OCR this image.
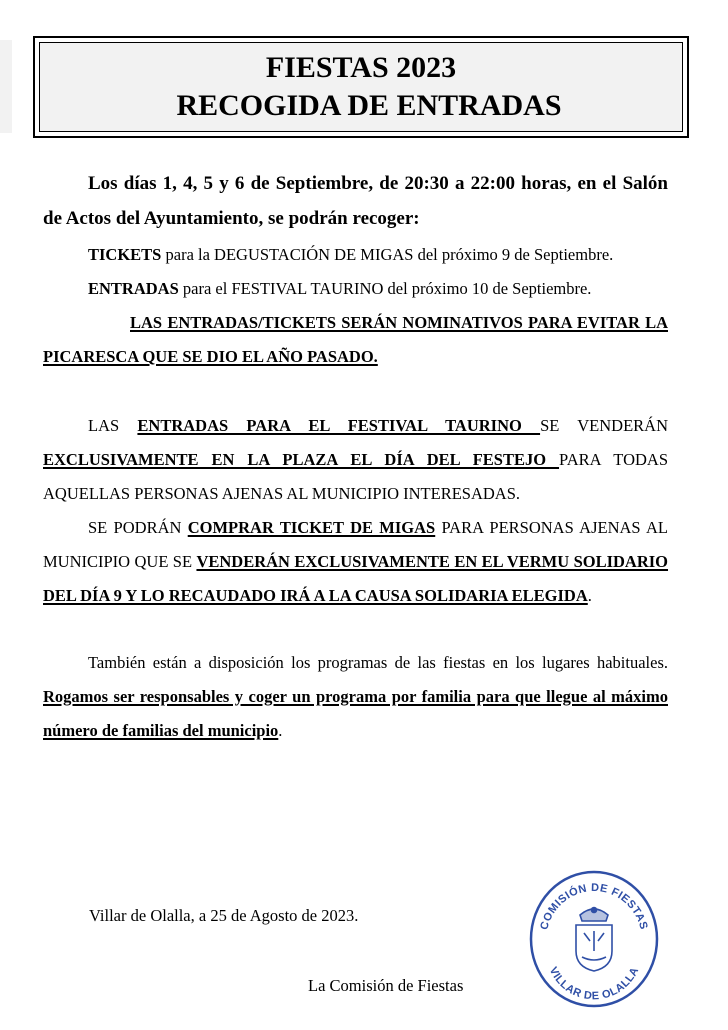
FIESTAS 2023
RECOGIDA DE ENTRADAS

Los días 1, 4, 5 y 6 de Septiembre, de 20:30 a 22:00 horas, en el Salón de Actos del Ayuntamiento, se podrán recoger:

TICKETS para la DEGUSTACIÓN DE MIGAS del próximo 9 de Septiembre.

ENTRADAS para el FESTIVAL TAURINO del próximo 10 de Septiembre.

LAS ENTRADAS/TICKETS SERÁN NOMINATIVOS PARA EVITAR LA PICARESCA QUE SE DIO EL AÑO PASADO.

LAS ENTRADAS PARA EL FESTIVAL TAURINO SE VENDERÁN EXCLUSIVAMENTE EN LA PLAZA EL DÍA DEL FESTEJO PARA TODAS AQUELLAS PERSONAS AJENAS AL MUNICIPIO INTERESADAS.

SE PODRÁN COMPRAR TICKET DE MIGAS PARA PERSONAS AJENAS AL MUNICIPIO QUE SE VENDERÁN EXCLUSIVAMENTE EN EL VERMU SOLIDARIO DEL DÍA 9 Y LO RECAUDADO IRÁ A LA CAUSA SOLIDARIA ELEGIDA.

También están a disposición los programas de las fiestas en los lugares habituales. Rogamos ser responsables y coger un programa por familia para que llegue al máximo número de familias del municipio.

Villar de Olalla, a 25 de Agosto de 2023.
La Comisión de Fiestas
COMISIÓN DE FIESTAS
VILLAR DE OLALLA
